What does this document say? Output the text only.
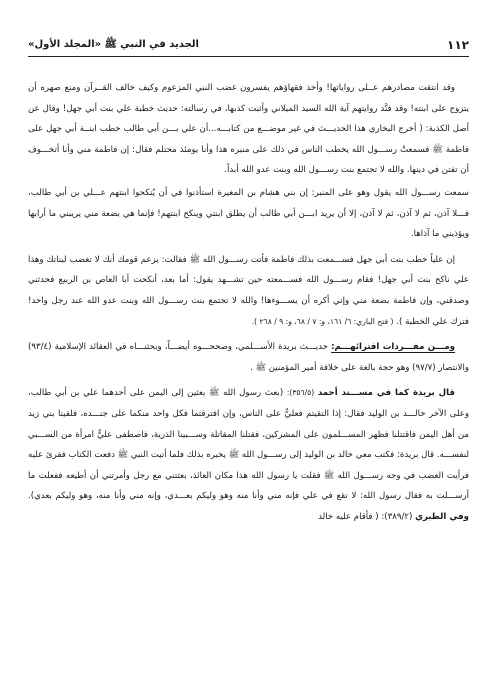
١١٢
الجديد في النبي ﷺ «المجلد الأول»

وقد انتقت مصادرهم عــلى رواياتها! وأخذ فقهاؤهم يفسرون غضب النبي المزعوم وكيف خالف القــرآن ومنع صهره أن يتزوج على ابنته! وقد فنَّد روايتهم آية الله السيد الميلاني وأثبت كذبها، في رسالته: حديث خطبة علي بنت أبي جهل! وقال عن أصل الكذبة: ( أخرج البخاري هذا الحديـــث في غير موضـــع من كتابـــه...أن علي بـــن أبي طالب خطب ابنــة أبي جهل على فاطمة ﷺ فسمعتْ رســـول الله يخطب الناس في ذلك على منبره هذا وأنا يومئذ محتلم فقال: إن فاطمة مني وأنا أتخـــوف أن تفتن في دينها. والله لا تجتمع بنت رســـول الله وبنت عدو الله أبداً.

سمعت رســـول الله يقول وهو على المنبر: إن بني هشام بن المغيرة استأذنوا في أن يُنكحوا ابنتهم عـــلي بن أبي طالب، فـــلا آذن، ثم لا آذن، ثم لا آذن، إلا أن يريد ابـــن أبي طالب أن يطلق ابنتي وينكح ابنتهم! فإنما هي بضعة مني يريبني ما أرابها ويؤذيني ما آذاها.

إن علياً خطب بنت أبي جهل فســـمعت بذلك فاطمة فأتت رســـول الله ﷺ فقالت: يزعم قومك أنك لا تغضب لبناتك وهذا علي ناكح بنت أبي جهل! فقام رســـول الله فســـمعته حين تشـــهد يقول: أما بعد، أنكحت أبا العاص بن الربيع فحدثني وصدقني، وإن فاطمة بضعة مني وإني أكره أن يســـوءها! والله لا تجتمع بنت رســـول الله وبنت عدو الله عند رجل واحد! فترك علي الخطبة ). ( فتح الباري: ٦/ ١٦١، و: ٧ / ٦٨، و: ٩ / ٢٦٨ ).

ومـــن مفـــردات افترائهـــم: حديـــث بريدة الأســـلمي، وصححـــوه أيضـــاً، وبحثنـــاه في العقائد الإسلامية (٩٣/٤) والانتصار (٩٧/٧) وهو حجة بالغة على خلافة أمير المؤمنين ﷺ .

قال بريدة كما في مســـند أحمد (٣٥٦/٥): (بعث رسول الله ﷺ بعثين إلى اليمن على أحدهما علي بن أبي طالب، وعلى الآخر خالـــد بن الوليد فقال: إذا التقيتم فعليٌّ على الناس، وإن افترقتما فكل واحد منكما على جنـــده، فلقينا بني زيد من أهل اليمن فاقتتلنا فظهر المســـلمون على المشركين، فقتلنا المقاتلة وســـبينا الذرية، فاصطفى عليٌّ امرأة من الســـبي لنفســـه. قال بريدة: فكتب معي خالد بن الوليد إلى رســـول الله ﷺ يخبره بذلك فلما أتيت النبي ﷺ دفعت الكتاب فقرئ عليه فرأيت الغضب في وجه رســـول الله ﷺ فقلت يا رسول الله هذا مكان العائذ، بعثتني مع رجل وأمرتني أن أطيعه ففعلت ما أرســـلت به فقال رسول الله: لا تقع في علي فإنه مني وأنا منه وهو وليكم بعـــدي، وإنه مني وأنا منه، وهو وليكم بعدي). وفي الطبري (٣٨٩/٢): ( فأقام عليه خالد
